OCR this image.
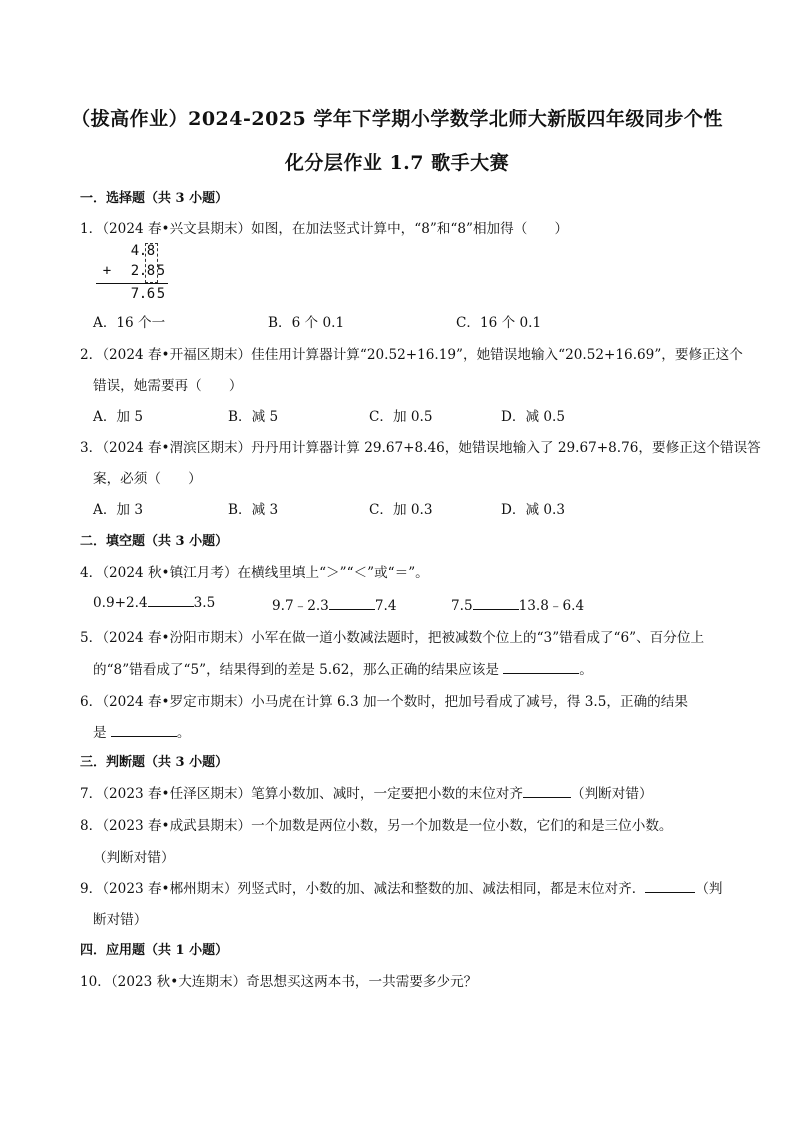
（拔高作业）2024-2025 学年下学期小学数学北师大新版四年级同步个性
化分层作业 1.7 歌手大赛
一．选择题（共 3 小题）
1．（2024 春•兴文县期末）如图，在加法竖式计算中，“8”和“8”相加得（　　）
4 . 8
+ 2 . 8 5
7 . 6 5
A．16 个一	B．6 个 0.1	C．16 个 0.1
2．（2024 春•开福区期末）佳佳用计算器计算“20.52+16.19”，她错误地输入“20.52+16.69”，要修正这个
错误，她需要再（　　）
A．加 5	B．减 5	C．加 0.5	D．减 0.5
3．（2024 春•渭滨区期末）丹丹用计算器计算 29.67+8.46，她错误地输入了 29.67+8.76，要修正这个错误答
案，必须（　　）
A．加 3	B．减 3	C．加 0.3	D．减 0.3
二．填空题（共 3 小题）
4．（2024 秋•镇江月考）在横线里填上“＞”“＜”或“＝”。
0.9+2.4	3.5	9.7﹣2.3	7.4	7.5	13.8﹣6.4
5．（2024 春•汾阳市期末）小军在做一道小数减法题时，把被减数个位上的“3”错看成了“6”、百分位上
的“8”错看成了“5”，结果得到的差是 5.62，那么正确的结果应该是	。
6．（2024 春•罗定市期末）小马虎在计算 6.3 加一个数时，把加号看成了减号，得 3.5，正确的结果
是	。
三．判断题（共 3 小题）
7．（2023 春•任泽区期末）笔算小数加、减时，一定要把小数的末位对齐	（判断对错）
8．（2023 春•成武县期末）一个加数是两位小数，另一个加数是一位小数，它们的和是三位小数。
（判断对错）
9．（2023 春•郴州期末）列竖式时，小数的加、减法和整数的加、减法相同，都是末位对齐．	（判
断对错）
四．应用题（共 1 小题）
10．（2023 秋•大连期末）奇思想买这两本书，一共需要多少元？
